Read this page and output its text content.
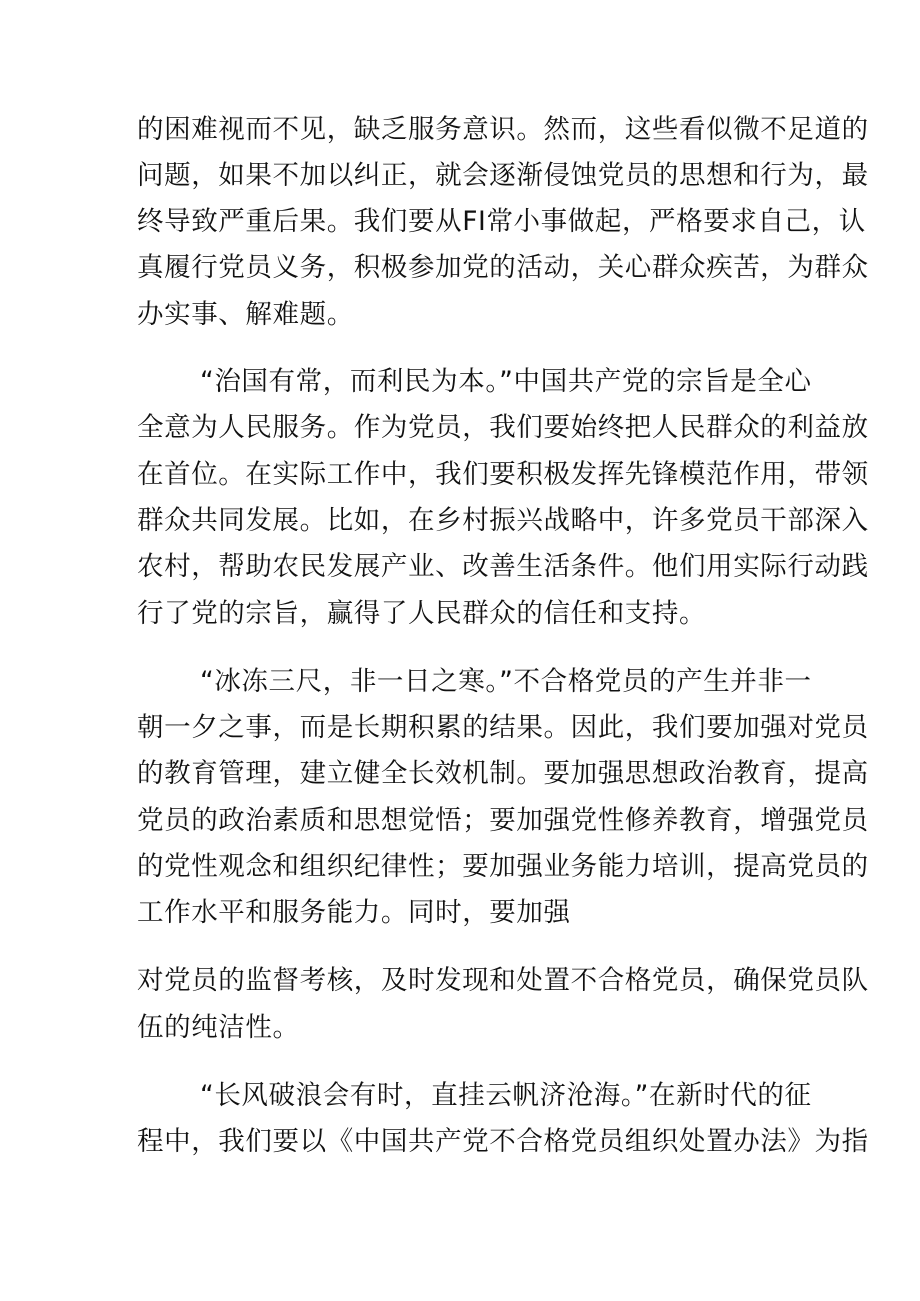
的困难视而不见，缺乏服务意识。然而，这些看似微不足道的
问题，如果不加以纠正，就会逐渐侵蚀党员的思想和行为，最
终导致严重后果。我们要从FI常小事做起，严格要求自己，认
真履行党员义务，积极参加党的活动，关心群众疾苦，为群众
办实事、解难题。
“治国有常，而利民为本。”中国共产党的宗旨是全心
全意为人民服务。作为党员，我们要始终把人民群众的利益放
在首位。在实际工作中，我们要积极发挥先锋模范作用，带领
群众共同发展。比如，在乡村振兴战略中，许多党员干部深入
农村，帮助农民发展产业、改善生活条件。他们用实际行动践
行了党的宗旨，赢得了人民群众的信任和支持。
“冰冻三尺，非一日之寒。”不合格党员的产生并非一
朝一夕之事，而是长期积累的结果。因此，我们要加强对党员
的教育管理，建立健全长效机制。要加强思想政治教育，提高
党员的政治素质和思想觉悟；要加强党性修养教育，增强党员
的党性观念和组织纪律性；要加强业务能力培训，提高党员的
工作水平和服务能力。同时，要加强
对党员的监督考核，及时发现和处置不合格党员，确保党员队
伍的纯洁性。
“长风破浪会有时，直挂云帆济沧海。”在新时代的征
程中，我们要以《中国共产党不合格党员组织处置办法》为指
